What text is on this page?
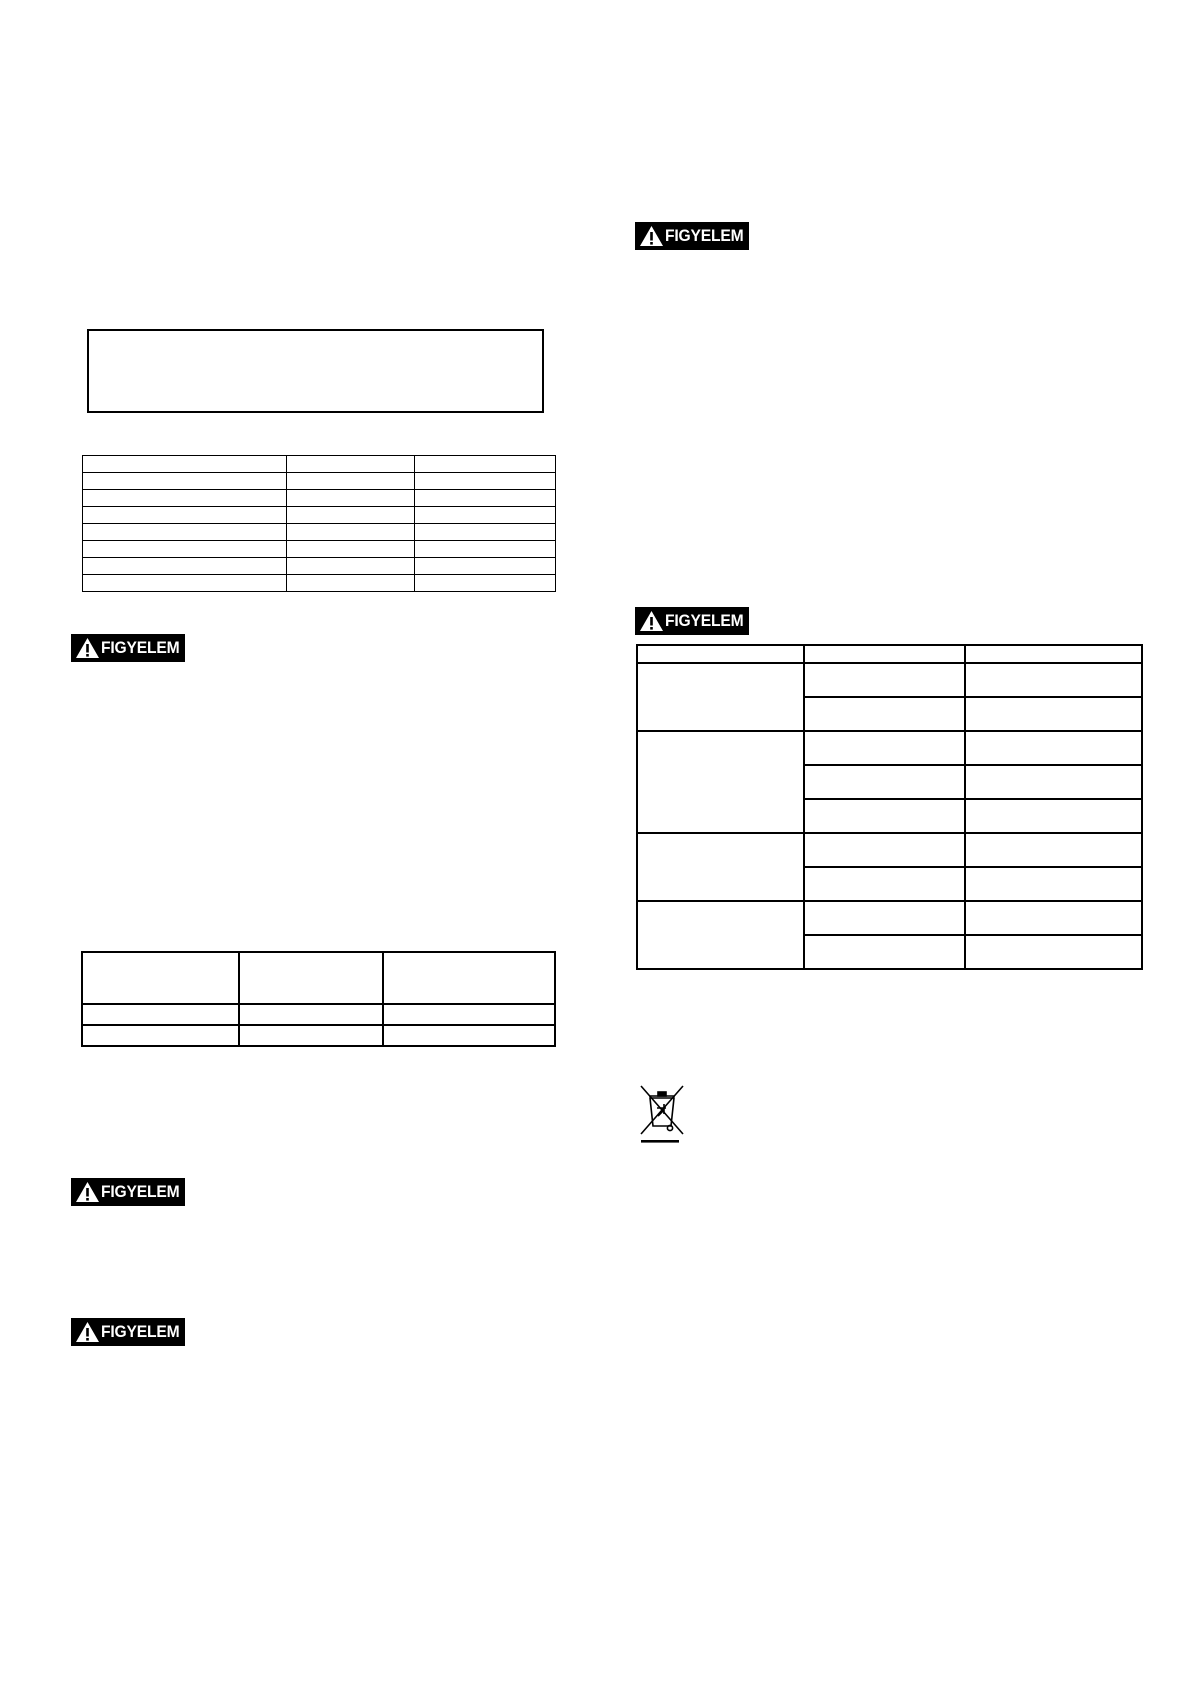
FIGYELEM

FIGYELEM
FIGYELEM
FIGYELEM
FIGYELEM
